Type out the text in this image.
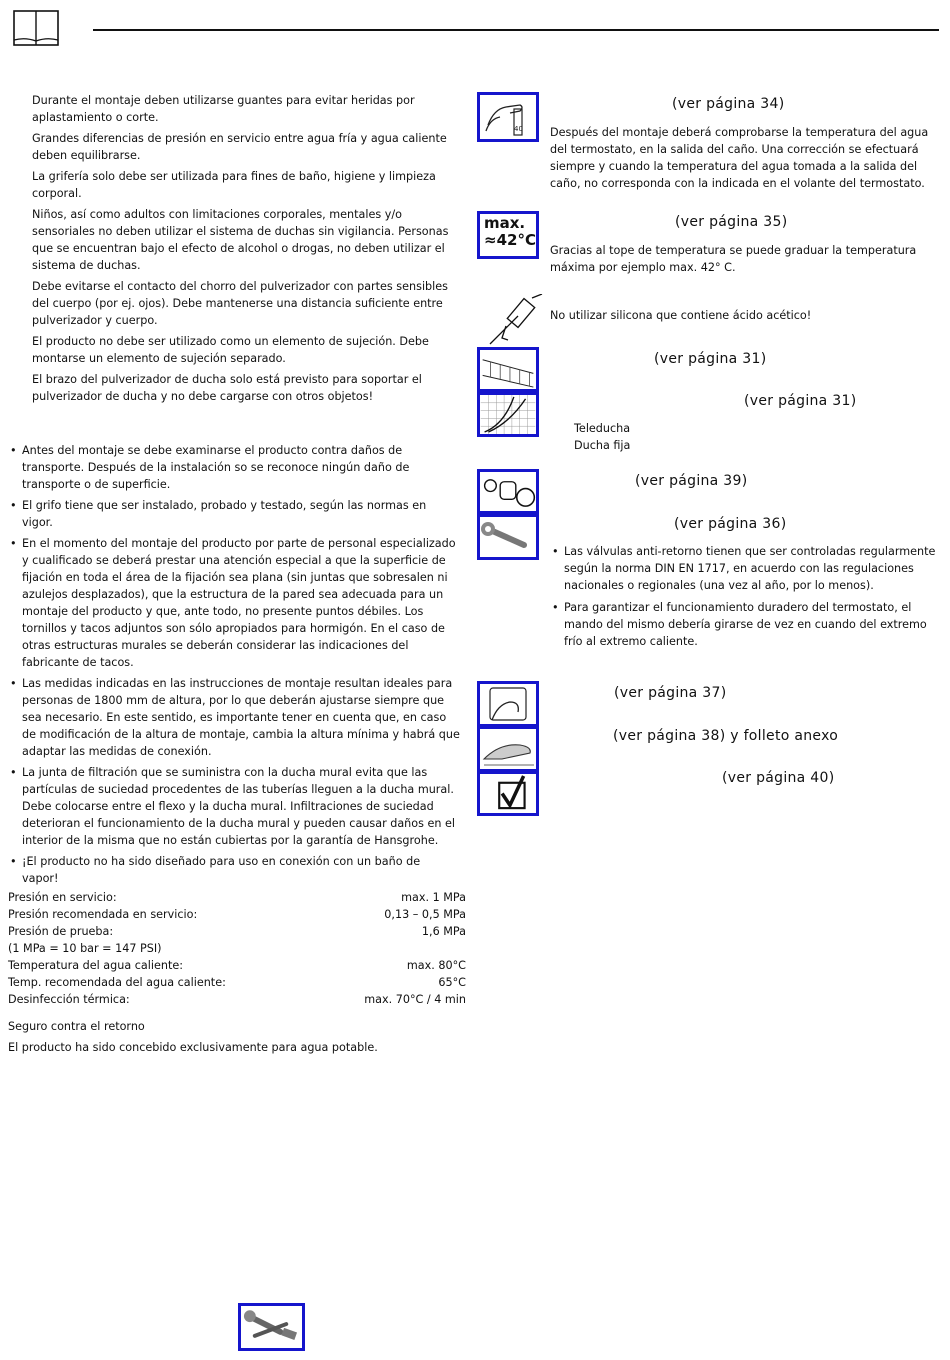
Durante el montaje deben utilizarse guantes para evitar heridas por aplastamiento o corte.

Grandes diferencias de presión en servicio entre agua fría y agua caliente deben equilibrarse.

La grifería solo debe ser utilizada para fines de baño, higiene y limpieza corporal.

Niños, así como adultos con limitaciones corporales, mentales y/o sensoriales no deben utilizar el sistema de duchas sin vigilancia. Personas que se encuentran bajo el efecto de alcohol o drogas, no deben utilizar el sistema de duchas.

Debe evitarse el contacto del chorro del pulverizador con partes sensibles del cuerpo (por ej. ojos). Debe mantenerse una distancia suficiente entre pulverizador y cuerpo.

El producto no debe ser utilizado como un elemento de sujeción. Debe montarse un elemento de sujeción separado.

El brazo del pulverizador de ducha solo está previsto para soportar el pulverizador de ducha y no debe cargarse con otros objetos!

• Antes del montaje se debe examinarse el producto contra daños de transporte. Después de la instalación so se reconoce ningún daño de transporte o de superficie.
• El grifo tiene que ser instalado, probado y testado, según las normas en vigor.
• En el momento del montaje del producto por parte de personal especializado y cualificado se deberá prestar una atención especial a que la superficie de fijación en toda el área de la fijación sea plana (sin juntas que sobresalen ni azulejos desplazados), que la estructura de la pared sea adecuada para un montaje del producto y que, ante todo, no presente puntos débiles. Los tornillos y tacos adjuntos son sólo apropiados para hormigón. En el caso de otras estructuras murales se deberán considerar las indicaciones del fabricante de tacos.
• Las medidas indicadas en las instrucciones de montaje resultan ideales para personas de 1800 mm de altura, por lo que deberán ajustarse siempre que sea necesario. En este sentido, es importante tener en cuenta que, en caso de modificación de la altura de montaje, cambia la altura mínima y habrá que adaptar las medidas de conexión.
• La junta de filtración que se suministra con la ducha mural evita que las partículas de suciedad procedentes de las tuberías lleguen a la ducha mural. Debe colocarse entre el flexo y la ducha mural. Infiltraciones de suciedad deterioran el funcionamiento de la ducha mural y pueden causar daños en el interior de la misma que no están cubiertas por la garantía de Hansgrohe.
• ¡El producto no ha sido diseñado para uso en conexión con un baño de vapor!
Presión en servicio:	max. 1 MPa
Presión recomendada en servicio:	0,13 – 0,5 MPa
Presión de prueba:	1,6 MPa
(1 MPa = 10 bar = 147 PSI)
Temperatura del agua caliente:	max. 80°C
Temp. recomendada del agua caliente:	65°C
Desinfección térmica:	max. 70°C / 4 min
Seguro contra el retorno
El producto ha sido concebido exclusivamente para agua potable.
40
max.
≈42°C
(ver página 34)
Después del montaje deberá comprobarse la temperatura del agua del termostato, en la salida del caño. Una corrección se efectuará siempre y cuando la temperatura del agua tomada a la salida del caño, no corresponda con la indicada en el volante del termostato.
(ver página 35)
Gracias al tope de temperatura se puede graduar la temperatura máxima por ejemplo max. 42° C.
No utilizar silicona que contiene ácido acético!
(ver página 31)
(ver página 31)
Teleducha
Ducha fija
(ver página 39)
(ver página 36)
• Las válvulas anti-retorno tienen que ser controladas regularmente según la norma DIN EN 1717, en acuerdo con las regulaciones nacionales o regionales (una vez al año, por lo menos).
• Para garantizar el funcionamiento duradero del termostato, el mando del mismo debería girarse de vez en cuando del extremo frío al extremo caliente.
(ver página 37)
(ver página 38) y folleto anexo
(ver página 40)
